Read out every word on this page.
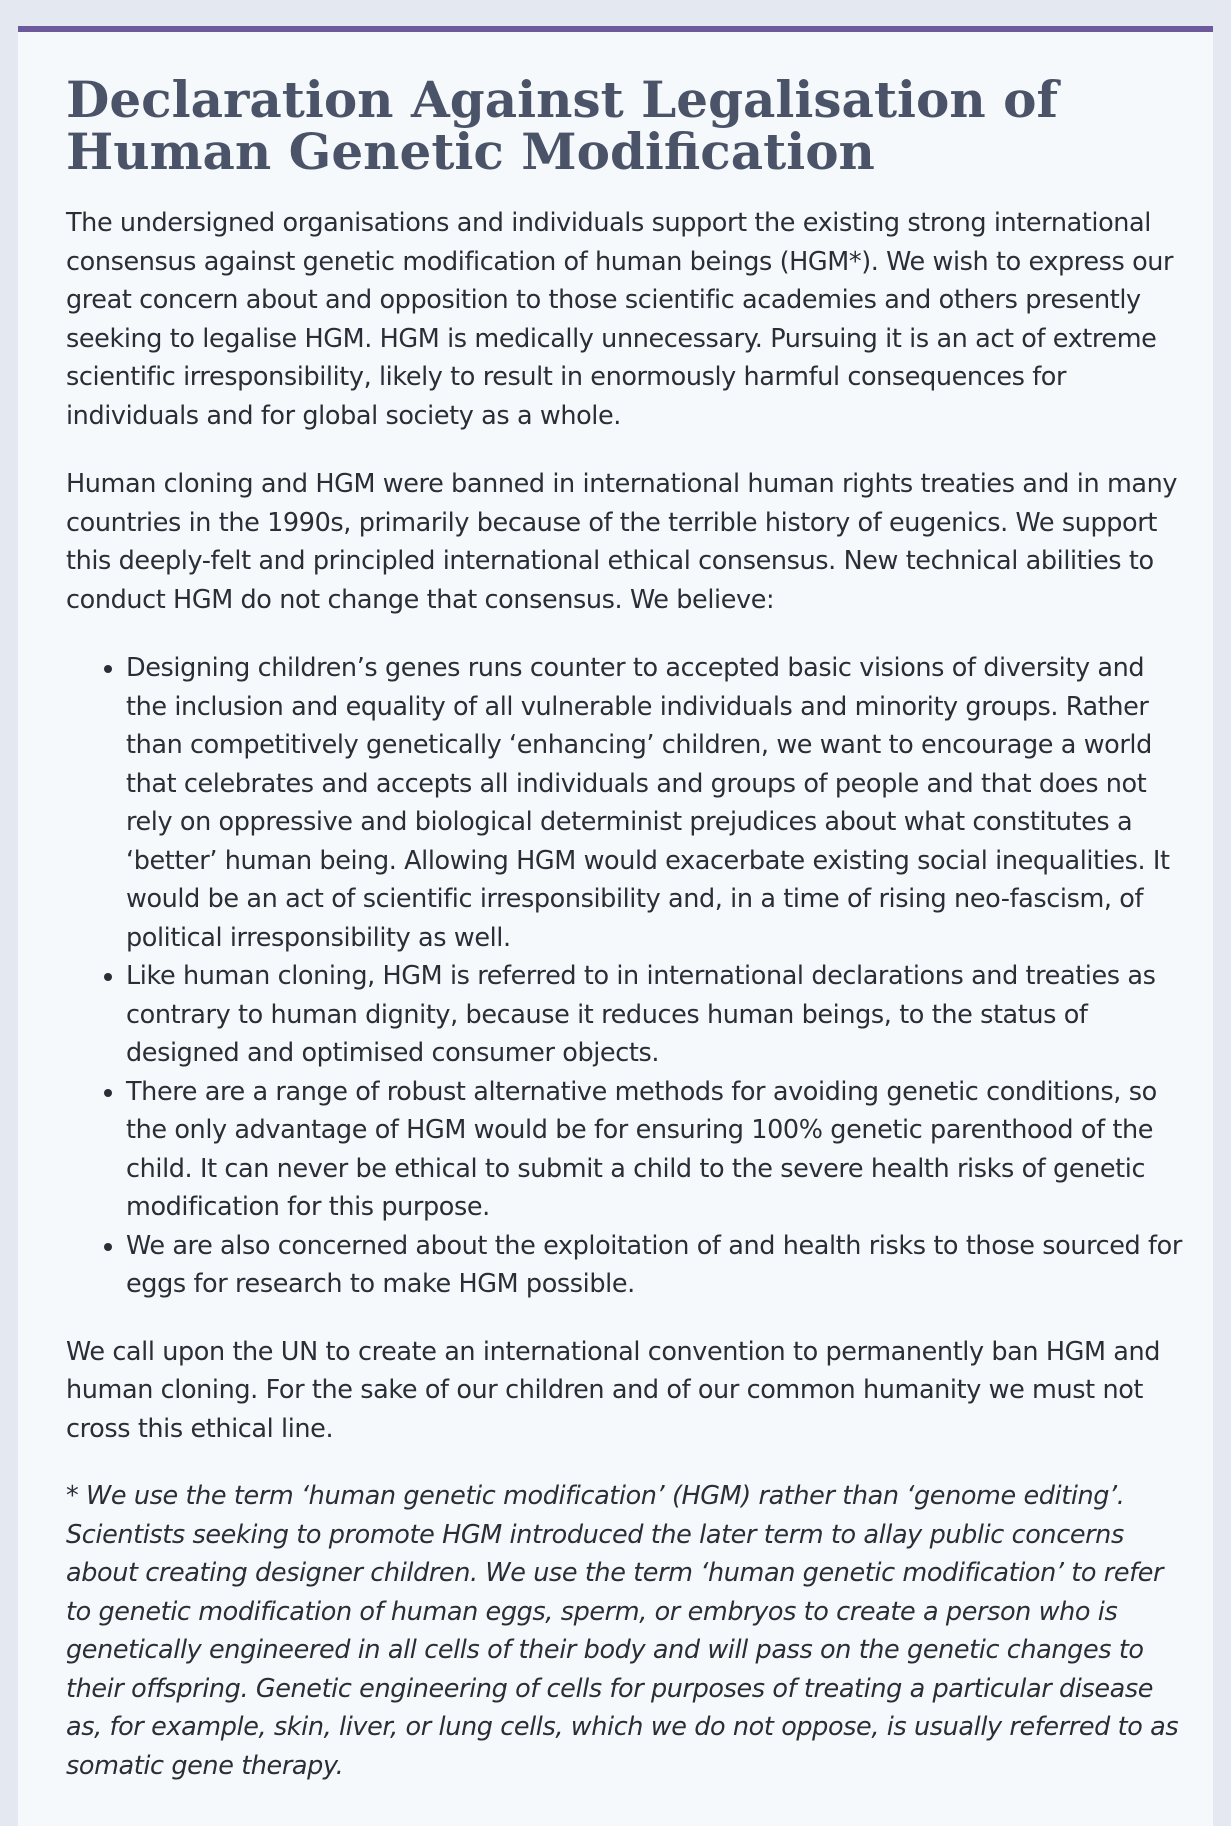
Declaration Against Legalisation of Human Genetic Modification

The undersigned organisations and individuals support the existing strong international consensus against genetic modification of human beings (HGM*). We wish to express our great concern about and opposition to those scientific academies and others presently seeking to legalise HGM. HGM is medically unnecessary. Pursuing it is an act of extreme scientific irresponsibility, likely to result in enormously harmful consequences for individuals and for global society as a whole.

Human cloning and HGM were banned in international human rights treaties and in many countries in the 1990s, primarily because of the terrible history of eugenics. We support this deeply-felt and principled international ethical consensus. New technical abilities to conduct HGM do not change that consensus. We believe:

• Designing children’s genes runs counter to accepted basic visions of diversity and the inclusion and equality of all vulnerable individuals and minority groups. Rather than competitively genetically ‘enhancing’ children, we want to encourage a world that celebrates and accepts all individuals and groups of people and that does not rely on oppressive and biological determinist prejudices about what constitutes a ‘better’ human being. Allowing HGM would exacerbate existing social inequalities. It would be an act of scientific irresponsibility and, in a time of rising neo-fascism, of political irresponsibility as well.
• Like human cloning, HGM is referred to in international declarations and treaties as contrary to human dignity, because it reduces human beings, to the status of designed and optimised consumer objects.
• There are a range of robust alternative methods for avoiding genetic conditions, so the only advantage of HGM would be for ensuring 100% genetic parenthood of the child. It can never be ethical to submit a child to the severe health risks of genetic modification for this purpose.
• We are also concerned about the exploitation of and health risks to those sourced for eggs for research to make HGM possible.

We call upon the UN to create an international convention to permanently ban HGM and human cloning. For the sake of our children and of our common humanity we must not cross this ethical line.

* We use the term ‘human genetic modification’ (HGM) rather than ‘genome editing’. Scientists seeking to promote HGM introduced the later term to allay public concerns about creating designer children. We use the term ‘human genetic modification’ to refer to genetic modification of human eggs, sperm, or embryos to create a person who is genetically engineered in all cells of their body and will pass on the genetic changes to their offspring. Genetic engineering of cells for purposes of treating a particular disease as, for example, skin, liver, or lung cells, which we do not oppose, is usually referred to as somatic gene therapy.
